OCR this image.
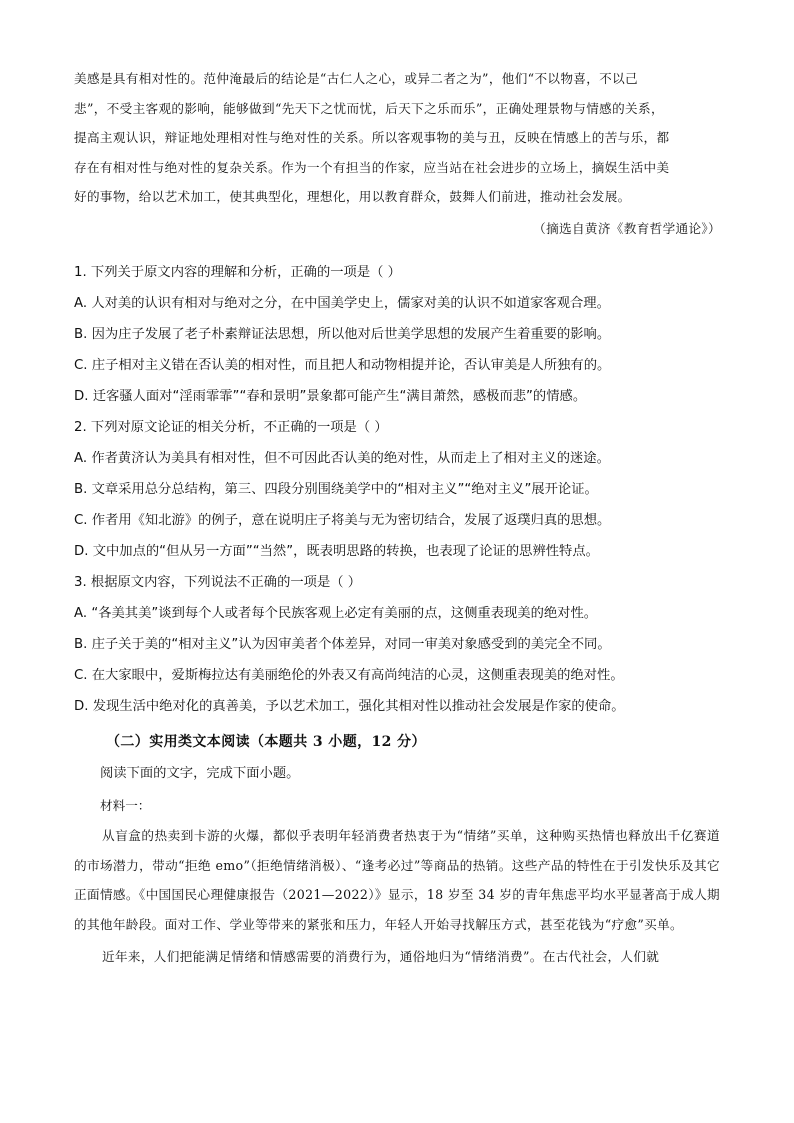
美感是具有相对性的。范仲淹最后的结论是“古仁人之心，或异二者之为”，他们“不以物喜，不以己

悲”，不受主客观的影响，能够做到“先天下之忧而忧，后天下之乐而乐”，正确处理景物与情感的关系，

提高主观认识，辩证地处理相对性与绝对性的关系。所以客观事物的美与丑，反映在情感上的苦与乐，都

存在有相对性与绝对性的复杂关系。作为一个有担当的作家，应当站在社会进步的立场上，摘娱生活中美

好的事物，给以艺术加工，使其典型化，理想化，用以教育群众，鼓舞人们前进，推动社会发展。

（摘选自黄济《教育哲学通论》）

1. 下列关于原文内容的理解和分析，正确的一项是（ ）

A. 人对美的认识有相对与绝对之分，在中国美学史上，儒家对美的认识不如道家客观合理。

B. 因为庄子发展了老子朴素辩证法思想，所以他对后世美学思想的发展产生着重要的影响。

C. 庄子相对主义错在否认美的相对性，而且把人和动物相提并论，否认审美是人所独有的。

D. 迁客骚人面对“淫雨霏霏”“春和景明”景象都可能产生“满目萧然，感极而悲”的情感。

2. 下列对原文论证的相关分析，不正确的一项是（ ）

A. 作者黄济认为美具有相对性，但不可因此否认美的绝对性，从而走上了相对主义的迷途。

B. 文章采用总分总结构，第三、四段分别围绕美学中的“相对主义”“绝对主义”展开论证。

C. 作者用《知北游》的例子，意在说明庄子将美与无为密切结合，发展了返璞归真的思想。

D. 文中加点的“但从另一方面”“当然”，既表明思路的转换，也表现了论证的思辨性特点。

3. 根据原文内容，下列说法不正确的一项是（ ）

A. “各美其美”谈到每个人或者每个民族客观上必定有美丽的点，这侧重表现美的绝对性。

B. 庄子关于美的“相对主义”认为因审美者个体差异，对同一审美对象感受到的美完全不同。

C. 在大家眼中，爱斯梅拉达有美丽绝伦的外表又有高尚纯洁的心灵，这侧重表现美的绝对性。

D. 发现生活中绝对化的真善美，予以艺术加工，强化其相对性以推动社会发展是作家的使命。

（二）实用类文本阅读（本题共 3 小题，12 分）
阅读下面的文字，完成下面小题。
材料一：

从盲盒的热卖到卡游的火爆，都似乎表明年轻消费者热衷于为“情绪”买单，这种购买热情也释放出千亿赛道的市场潜力，带动“拒绝 emo”（拒绝情绪消极）、“逢考必过”等商品的热销。这些产品的特性在于引发快乐及其它正面情感。《中国国民心理健康报告（2021—2022）》显示，18 岁至 34 岁的青年焦虑平均水平显著高于成人期的其他年龄段。面对工作、学业等带来的紧张和压力，年轻人开始寻找解压方式，甚至花钱为“疗愈”买单。

近年来，人们把能满足情绪和情感需要的消费行为，通俗地归为“情绪消费”。在古代社会，人们就
